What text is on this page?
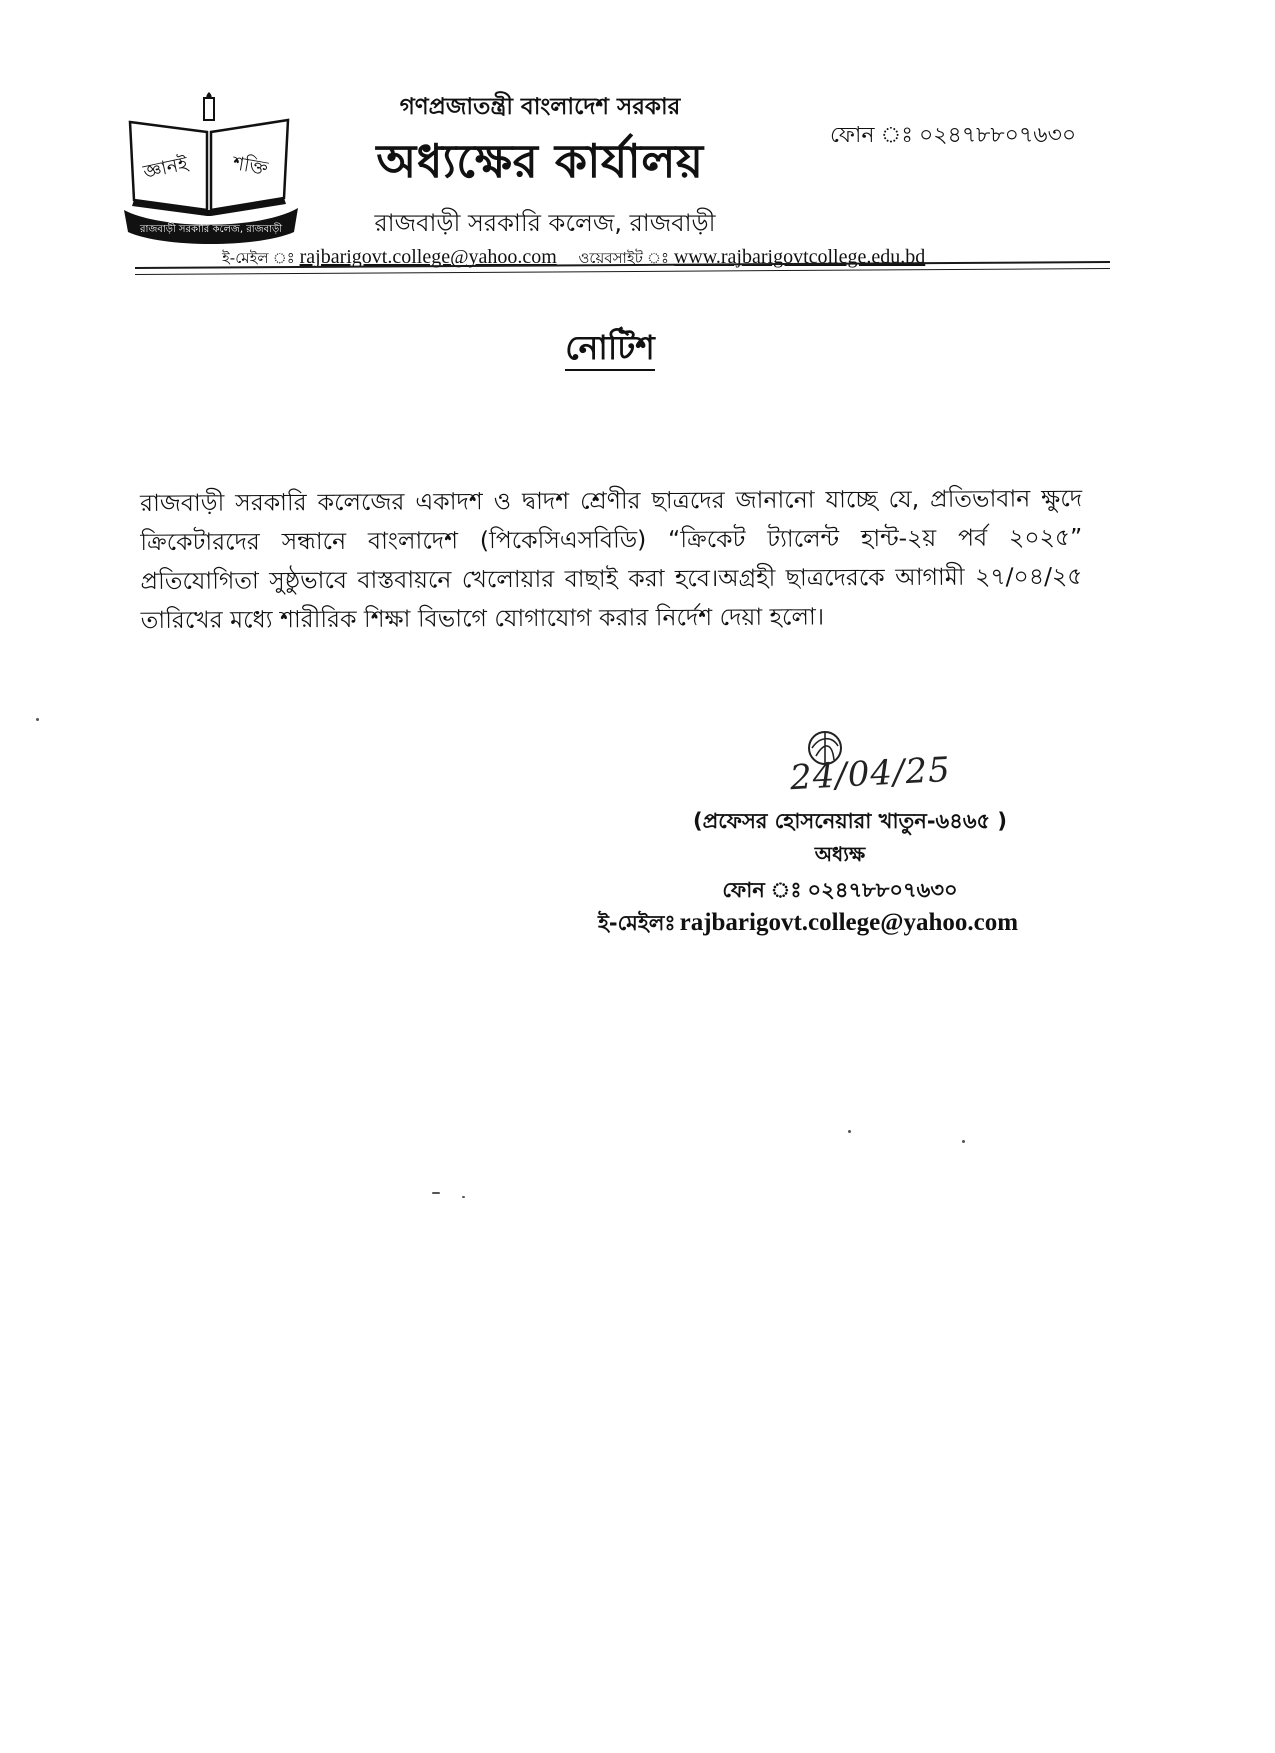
রাজবাড়ী সরকারি কলেজ, রাজবাড়ী
জ্ঞানই শক্তি
গণপ্রজাতন্ত্রী বাংলাদেশ সরকার
অধ্যক্ষের কার্যালয়
রাজবাড়ী সরকারি কলেজ, রাজবাড়ী
ফোন ঃ ০২৪৭৮৮০৭৬৩০
ই-মেইল ঃ rajbarigovt.college@yahoo.com ওয়েবসাইট ঃ www.rajbarigovtcollege.edu.bd
নোটিশ
রাজবাড়ী সরকারি কলেজের একাদশ ও দ্বাদশ শ্রেণীর ছাত্রদের জানানো যাচ্ছে যে, প্রতিভাবান ক্ষুদে ক্রিকেটারদের সন্ধানে বাংলাদেশ (পিকেসিএসবিডি) “ক্রিকেট ট্যালেন্ট হান্ট-২য় পর্ব ২০২৫” প্রতিযোগিতা সুষ্ঠুভাবে বাস্তবায়নে খেলোয়ার বাছাই করা হবে।অগ্রহী ছাত্রদেরকে আগামী ২৭/০৪/২৫ তারিখের মধ্যে শারীরিক শিক্ষা বিভাগে যোগাযোগ করার নির্দেশ দেয়া হলো।
24/04/25
(প্রফেসর হোসনেয়ারা খাতুন-৬৪৬৫ )
অধ্যক্ষ
ফোন ঃ ০২৪৭৮৮০৭৬৩০
ই-মেইলঃ rajbarigovt.college@yahoo.com
